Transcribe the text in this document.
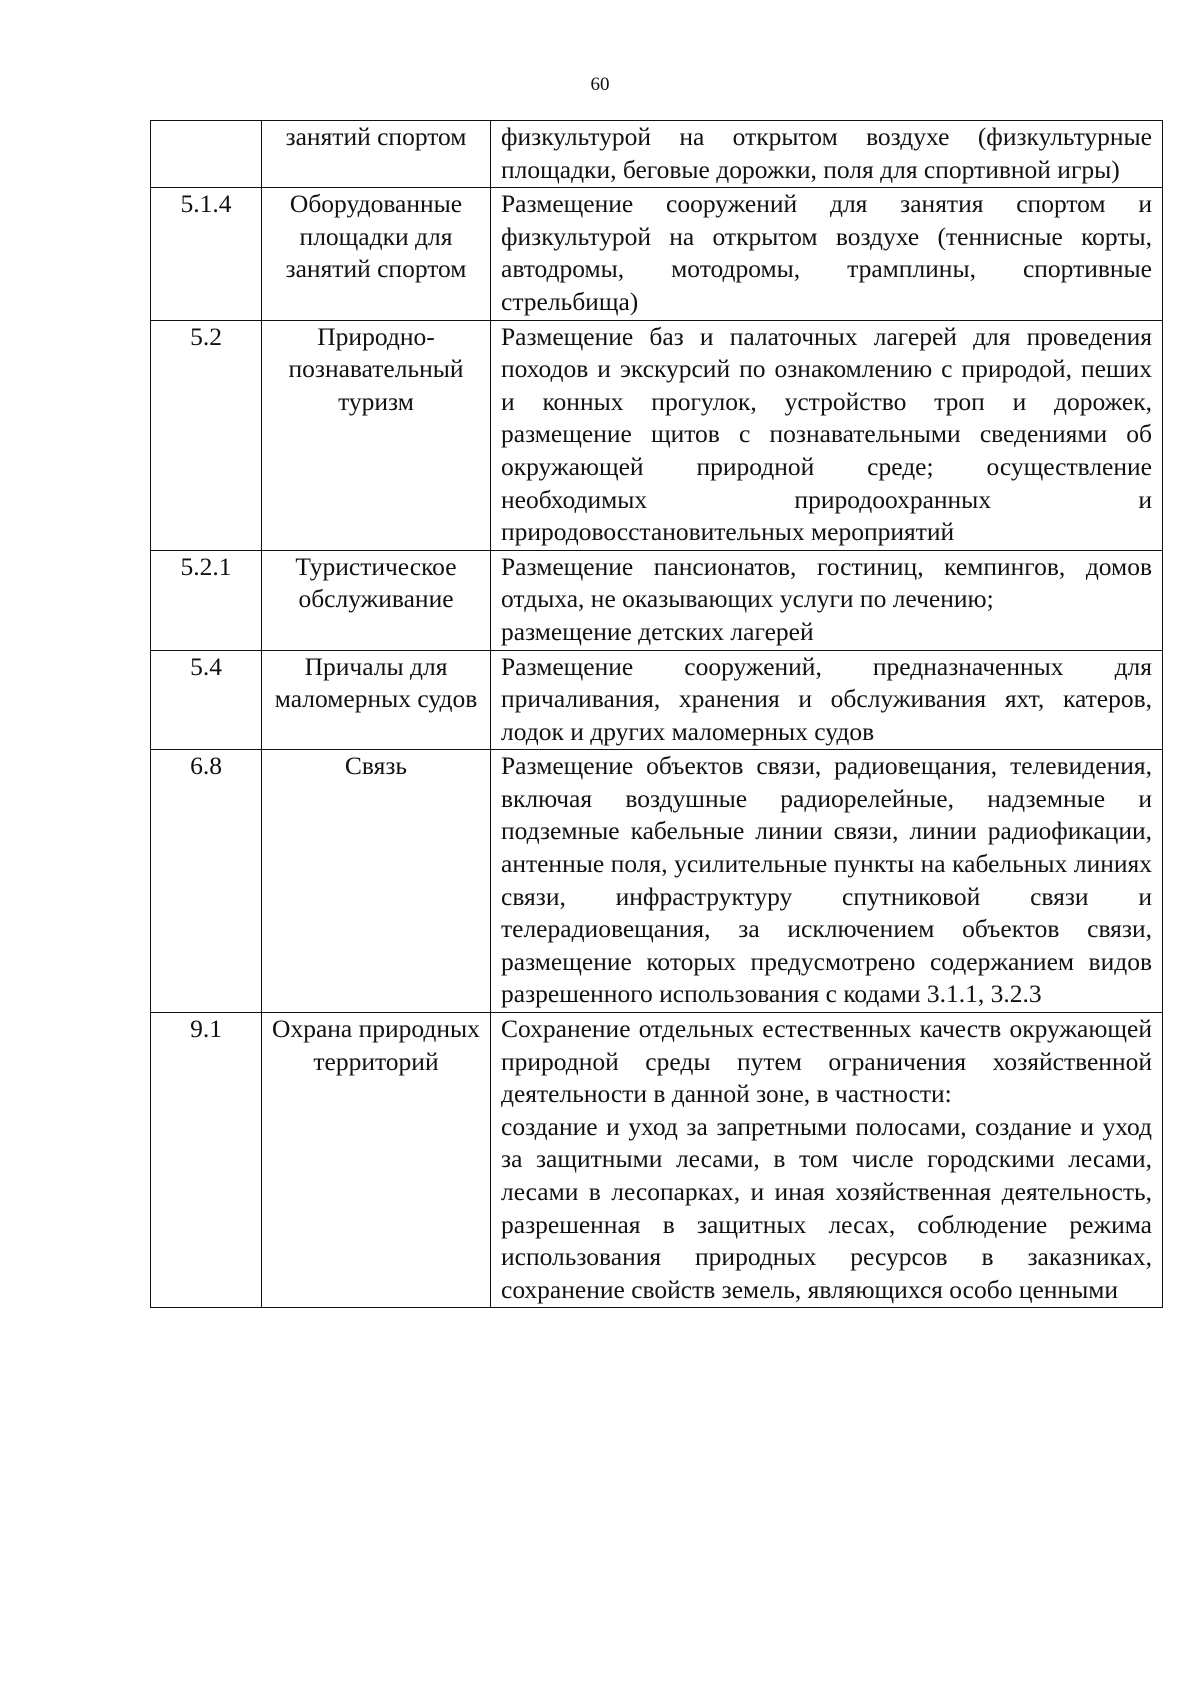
60
	занятий спортом	физкультурой на открытом воздухе (физкультурные площадки, беговые дорожки, поля для спортивной игры)

5.1.4	Оборудованные площадки для занятий спортом	Размещение сооружений для занятия спортом и физкультурой на открытом воздухе (теннисные корты, автодромы, мотодромы, трамплины, спортивные стрельбища)

5.2	Природно-познавательный туризм	Размещение баз и палаточных лагерей для проведения походов и экскурсий по ознакомлению с природой, пеших и конных прогулок, устройство троп и дорожек, размещение щитов с познавательными сведениями об окружающей природной среде; осуществление необходимых природоохранных и природовосстановительных мероприятий

5.2.1	Туристическое обслуживание	Размещение пансионатов, гостиниц, кемпингов, домов отдыха, не оказывающих услуги по лечению;
размещение детских лагерей

5.4	Причалы для маломерных судов	Размещение сооружений, предназначенных для причаливания, хранения и обслуживания яхт, катеров, лодок и других маломерных судов

6.8	Связь	Размещение объектов связи, радиовещания, телевидения, включая воздушные радиорелейные, надземные и подземные кабельные линии связи, линии радиофикации, антенные поля, усилительные пункты на кабельных линиях связи, инфраструктуру спутниковой связи и телерадиовещания, за исключением объектов связи, размещение которых предусмотрено содержанием видов разрешенного использования с кодами 3.1.1, 3.2.3

9.1	Охрана природных территорий	Сохранение отдельных естественных качеств окружающей природной среды путем ограничения хозяйственной деятельности в данной зоне, в частности:
создание и уход за запретными полосами, создание и уход за защитными лесами, в том числе городскими лесами, лесами в лесопарках, и иная хозяйственная деятельность, разрешенная в защитных лесах, соблюдение режима использования природных ресурсов в заказниках, сохранение свойств земель, являющихся особо ценными
